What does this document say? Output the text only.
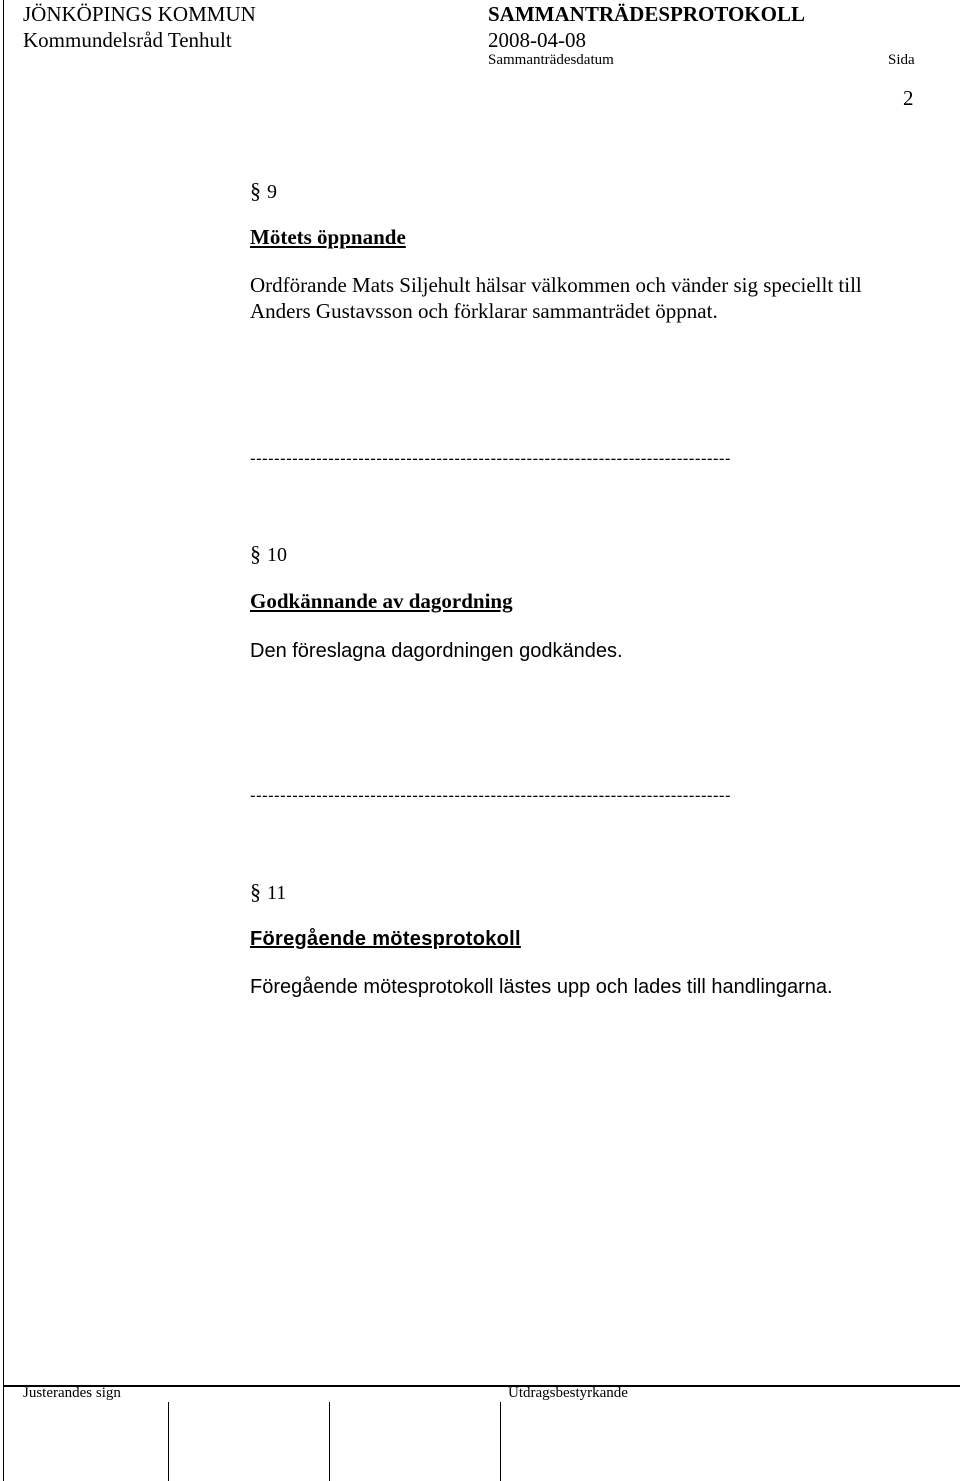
JÖNKÖPINGS KOMMUN
Kommundelsråd Tenhult
SAMMANTRÄDESPROTOKOLL
2008-04-08
Sammanträdesdatum	Sida
2
§ 9
Mötets öppnande
Ordförande Mats Siljehult hälsar välkommen och vänder sig speciellt till
Anders Gustavsson och förklarar sammanträdet öppnat.
--------------------------------------------------------------------------------
§ 10
Godkännande av dagordning
Den föreslagna dagordningen godkändes.
--------------------------------------------------------------------------------
§ 11
Föregående mötesprotokoll
Föregående mötesprotokoll lästes upp och lades till handlingarna.
Justerandes sign	Utdragsbestyrkande
